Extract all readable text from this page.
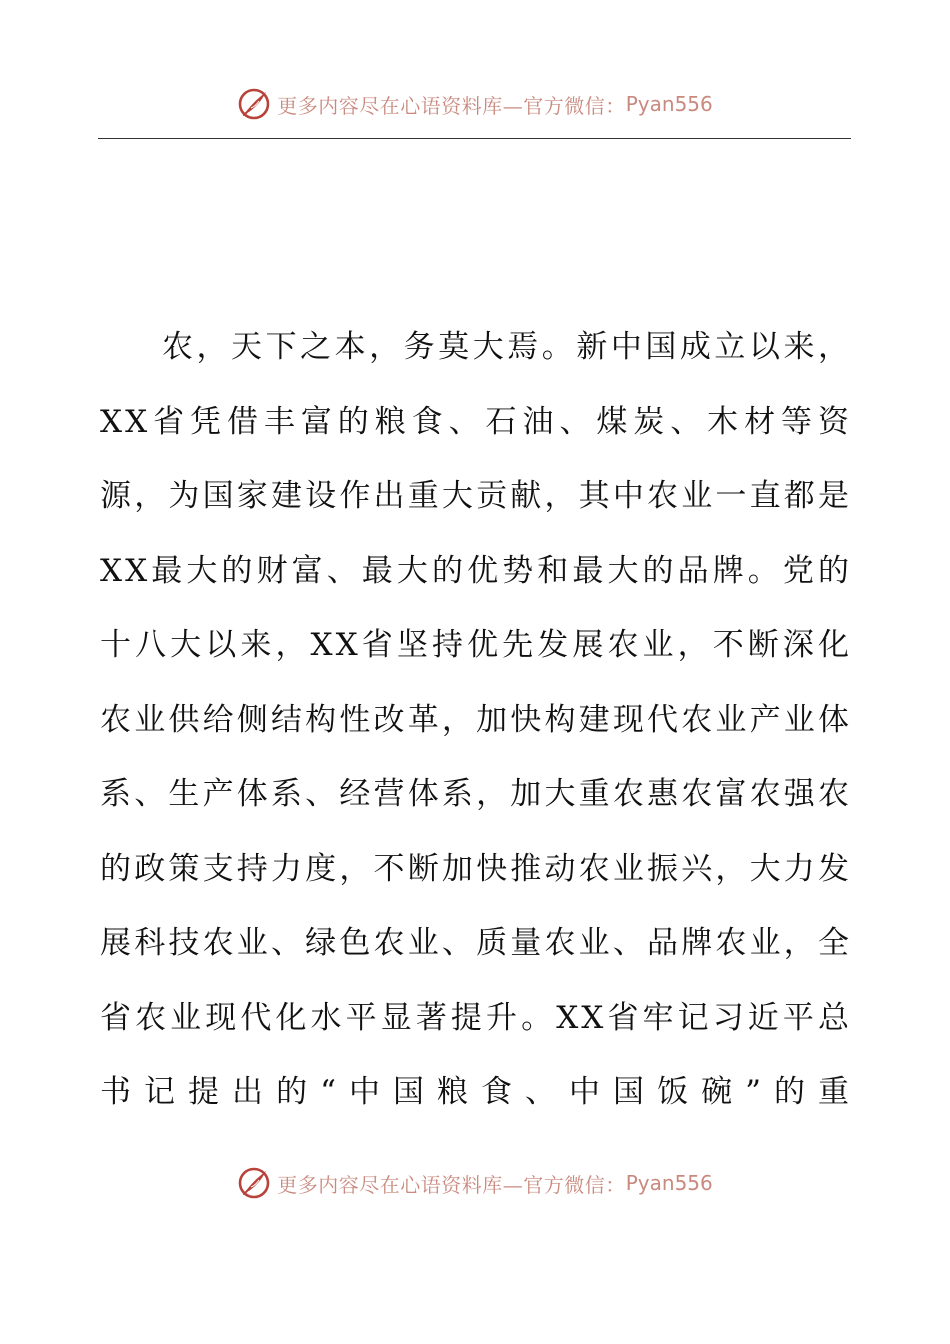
更多内容尽在心语资料库—官方微信： Pyan556

农，天下之本，务莫大焉。新中国成立以来，XX省凭借丰富的粮食、石油、煤炭、木材等资源，为国家建设作出重大贡献，其中农业一直都是XX最大的财富、最大的优势和最大的品牌。党的十八大以来，XX省坚持优先发展农业，不断深化农业供给侧结构性改革，加快构建现代农业产业体系、生产体系、经营体系，加大重农惠农富农强农的政策支持力度，不断加快推动农业振兴，大力发展科技农业、绿色农业、质量农业、品牌农业，全省农业现代化水平显著提升。XX省牢记习近平总书记提出的“中国粮食、中国饭碗”的重

更多内容尽在心语资料库—官方微信： Pyan556
